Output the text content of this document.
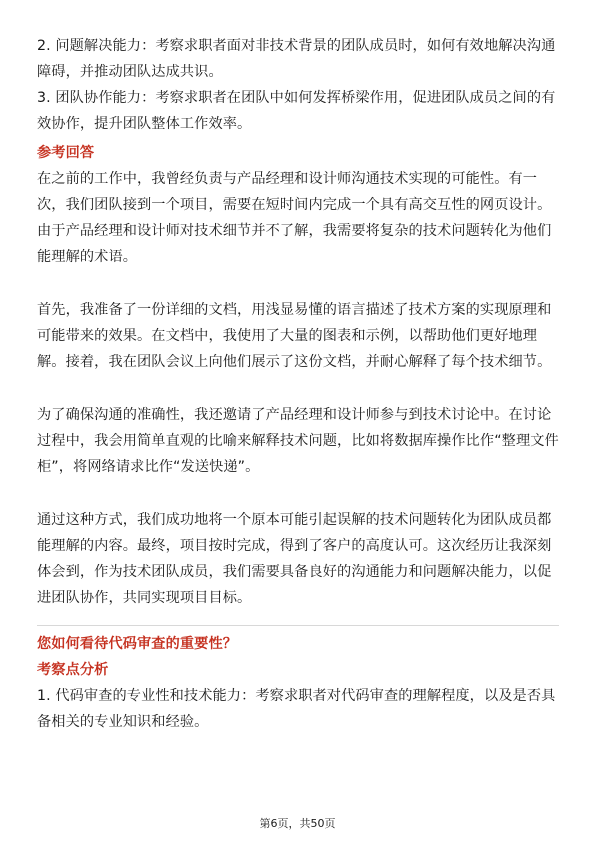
2. 问题解决能力：考察求职者面对非技术背景的团队成员时，如何有效地解决沟通障碍，并推动团队达成共识。

3. 团队协作能力：考察求职者在团队中如何发挥桥梁作用，促进团队成员之间的有效协作，提升团队整体工作效率。

参考回答

在之前的工作中，我曾经负责与产品经理和设计师沟通技术实现的可能性。有一次，我们团队接到一个项目，需要在短时间内完成一个具有高交互性的网页设计。由于产品经理和设计师对技术细节并不了解，我需要将复杂的技术问题转化为他们能理解的术语。

首先，我准备了一份详细的文档，用浅显易懂的语言描述了技术方案的实现原理和可能带来的效果。在文档中，我使用了大量的图表和示例，以帮助他们更好地理解。接着，我在团队会议上向他们展示了这份文档，并耐心解释了每个技术细节。

为了确保沟通的准确性，我还邀请了产品经理和设计师参与到技术讨论中。在讨论过程中，我会用简单直观的比喻来解释技术问题，比如将数据库操作比作“整理文件柜”，将网络请求比作“发送快递”。

通过这种方式，我们成功地将一个原本可能引起误解的技术问题转化为团队成员都能理解的内容。最终，项目按时完成，得到了客户的高度认可。这次经历让我深刻体会到，作为技术团队成员，我们需要具备良好的沟通能力和问题解决能力，以促进团队协作，共同实现项目目标。

您如何看待代码审查的重要性？

考察点分析

1. 代码审查的专业性和技术能力：考察求职者对代码审查的理解程度，以及是否具备相关的专业知识和经验。

第6页，共50页
